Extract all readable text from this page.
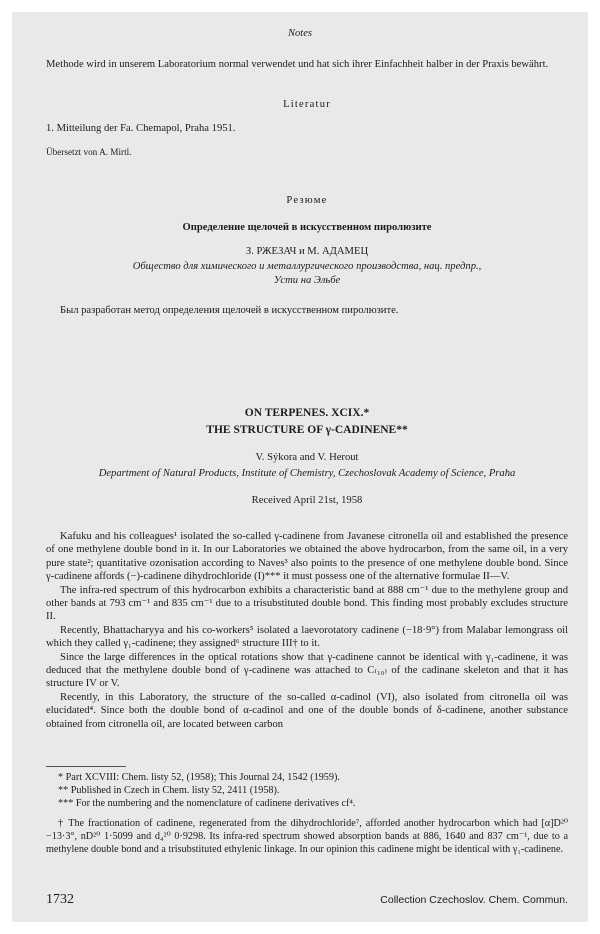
Notes
Methode wird in unserem Laboratorium normal verwendet und hat sich ihrer Einfachheit halber in der Praxis bewährt.
Literatur
1. Mitteilung der Fa. Chemapol, Praha 1951.
Übersetzt von A. Mirtl.
Резюме
Определение щелочей в искусственном пиролюзите
З. РЖЕЗАЧ и М. АДАМЕЦ
Общество для химического и металлургического производства, нац. предпр.,
Усти на Эльбе
Был разработан метод определения щелочей в искусственном пиролюзите.
ON TERPENES. XCIX.*
THE STRUCTURE OF γ-CADINENE**
V. Sýkora and V. Herout
Department of Natural Products, Institute of Chemistry, Czechoslovak Academy of Science, Praha
Received April 21st, 1958

Kafuku and his colleagues¹ isolated the so-called γ-cadinene from Javanese citronella oil and established the presence of one methylene double bond in it. In our Laboratories we obtained the above hydrocarbon, from the same oil, in a very pure state²; quantitative ozonisation according to Naves³ also points to the presence of one methylene double bond. Since γ-cadinene affords (−)-cadinene dihydrochloride (I)*** it must possess one of the alternative formulae II—V.

The infra-red spectrum of this hydrocarbon exhibits a characteristic band at 888 cm⁻¹ due to the methylene group and other bands at 793 cm⁻¹ and 835 cm⁻¹ due to a trisubstituted double bond. This finding most probably excludes structure II.

Recently, Bhattacharyya and his co-workers⁵ isolated a laevorotatory cadinene (−18·9°) from Malabar lemongrass oil which they called γ₁-cadinene; they assigned⁶ structure III† to it.

Since the large differences in the optical rotations show that γ-cadinene cannot be identical with γ₁-cadinene, it was deduced that the methylene double bond of γ-cadinene was attached to C₍₁₀₎ of the cadinane skeleton and that it has structure IV or V.

Recently, in this Laboratory, the structure of the so-called α-cadinol (VI), also isolated from citronella oil was elucidated⁴. Since both the double bond of α-cadinol and one of the double bonds of δ-cadinene, another substance obtained from citronella oil, are located between carbon

* Part XCVIII: Chem. listy 52, (1958); This Journal 24, 1542 (1959).

** Published in Czech in Chem. listy 52, 2411 (1958).

*** For the numbering and the nomenclature of cadinene derivatives cf⁴.

† The fractionation of cadinene, regenerated from the dihydrochloride⁷, afforded another hydrocarbon which had [α]D²⁰ −13·3°, nD²⁰ 1·5099 and d₄²⁰ 0·9298. Its infra-red spectrum showed absorption bands at 886, 1640 and 837 cm⁻¹, due to a methylene double bond and a trisubstituted ethylenic linkage. In our opinion this cadinene might be identical with γ₁-cadinene.
1732	Collection Czechoslov. Chem. Commun.
